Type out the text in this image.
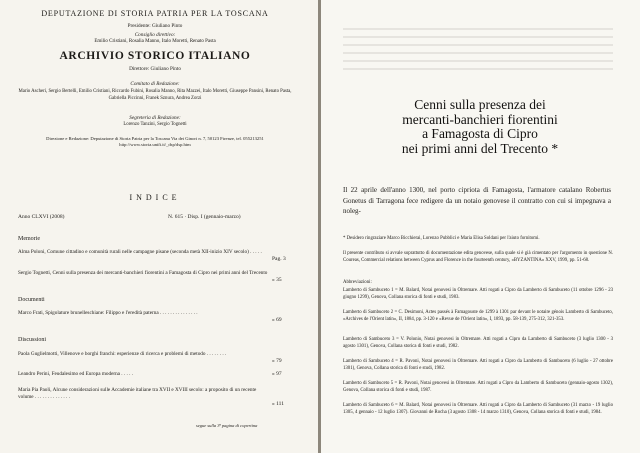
DEPUTAZIONE DI STORIA PATRIA PER LA TOSCANA
Presidente: Giuliano Pinto
Consiglio direttivo:
Emilio Cristiani, Rosalia Manno, Italo Moretti, Renato Pasta
ARCHIVIO STORICO ITALIANO
Direttore: Giuliano Pinto
Comitato di Redazione:
Mario Ascheri, Sergio Bertelli, Emilio Cristiani, Riccardo Fubini, Rosalia Manno, Rita Mazzei, Italo Moretti, Giuseppe Pansini, Renato Pasta, Gabriella Piccinni, Franek Sznura, Andrea Zorzi
Segreteria di Redazione:
Lorenzo Tanzini, Sergio Tognetti
Direzione e Redazione: Deputazione di Storia Patria per la Toscana Via dei Ginori n. 7, 50123 Firenze, tel. 055213251 http://www.storia.unifi.it/_dsp/dsp.htm
INDICE
Anno CLXVI (2008)	N. 615 · Disp. I (gennaio-marzo)
Memorie
Alma Poloni, Comune cittadino e comunità rurali nelle campagne pisane (seconda metà XII-inizio XIV secolo) . . . . .
Pag. 3
Sergio Tognetti, Cenni sulla presenza dei mercanti-banchieri fiorentini a Famagosta di Cipro nei primi anni del Trecento
» 35
Documenti
Marco Frati, Spigolature brunelleschiane: Filippo e l'eredità paterna . . . . . . . . . . . . . . .
» 69
Discussioni
Paola Guglielmotti, Villenove e borghi franchi: esperienze di ricerca e problemi di metodo . . . . . . . .
» 79
Leandro Perini, Feudalesimo ed Europa moderna . . . . .	» 97
Maria Pia Paoli, Alcune considerazioni sulle Accademie italiane tra XVII e XVIII secolo: a proposito di un recente volume . . . . . . . . . . . . . .
» 111
segue sulla 3ª pagina di copertina
Cenni sulla presenza dei
mercanti-banchieri fiorentini
a Famagosta di Cipro
nei primi anni del Trecento *
Il 22 aprile dell'anno 1300, nel porto cipriota di Famagosta, l'armatore catalano Robertus Gonetus di Tarragona fece redigere da un notaio genovese il contratto con cui si impegnava a noleg-
* Desidero ringraziare Marco Bicchierai, Lorenzo Pubblici e Maria Elisa Soldani per l'aiuto fornitomi.
Il presente contributo si avvale soprattutto di documentazione edita genovese, sulla quale si è già cimentato per l'argomento in questione N. Coureas, Commercial relations between Cyprus and Florence in the fourteenth century, «BYZANTINA» XXV, 1999, pp. 51-68.
Abbreviazioni:
Lamberto di Sambuceto 1 = M. Balard, Notai genovesi in Oltremare. Atti rogati a Cipro da Lamberto di Sambuceto (11 ottobre 1296 - 23 giugno 1299), Genova, Collana storica di fonti e studi, 1983.
Lamberto di Sambuceto 2 = C. Desimoni, Actes passés à Famagouste de 1299 à 1301 par devant le notaire génois Lamberto di Sambuceto, «Archives de l'Orient latin», II, 1884, pp. 3-120 e «Revue de l'Orient latin», I, 1893, pp. 58-139, 275-312, 321-353.
Lamberto di Sambuceto 3 = V. Polonio, Notai genovesi in Oltremare. Atti rogati a Cipro da Lamberto di Sambuceto (3 luglio 1300 - 3 agosto 1301), Genova, Collana storica di fonti e studi, 1982.
Lamberto di Sambuceto 4 = R. Pavoni, Notai genovesi in Oltremare. Atti rogati a Cipro da Lamberto di Sambuceto (6 luglio - 27 ottobre 1301), Genova, Collana storica di fonti e studi, 1982.
Lamberto di Sambuceto 5 = R. Pavoni, Notai genovesi in Oltremare. Atti rogati a Cipro da Lamberto di Sambuceto (gennaio-agosto 1302), Genova, Collana storica di fonti e studi, 1987.
Lamberto di Sambuceto 6 = M. Balard, Notai genovesi in Oltremare. Atti rogati a Cipro da Lamberto di Sambuceto (31 marzo - 19 luglio 1305, 4 gennaio - 12 luglio 1307). Giovanni de Rocha (3 agosto 1308 - 14 marzo 1310), Genova, Collana storica di fonti e studi, 1984.
